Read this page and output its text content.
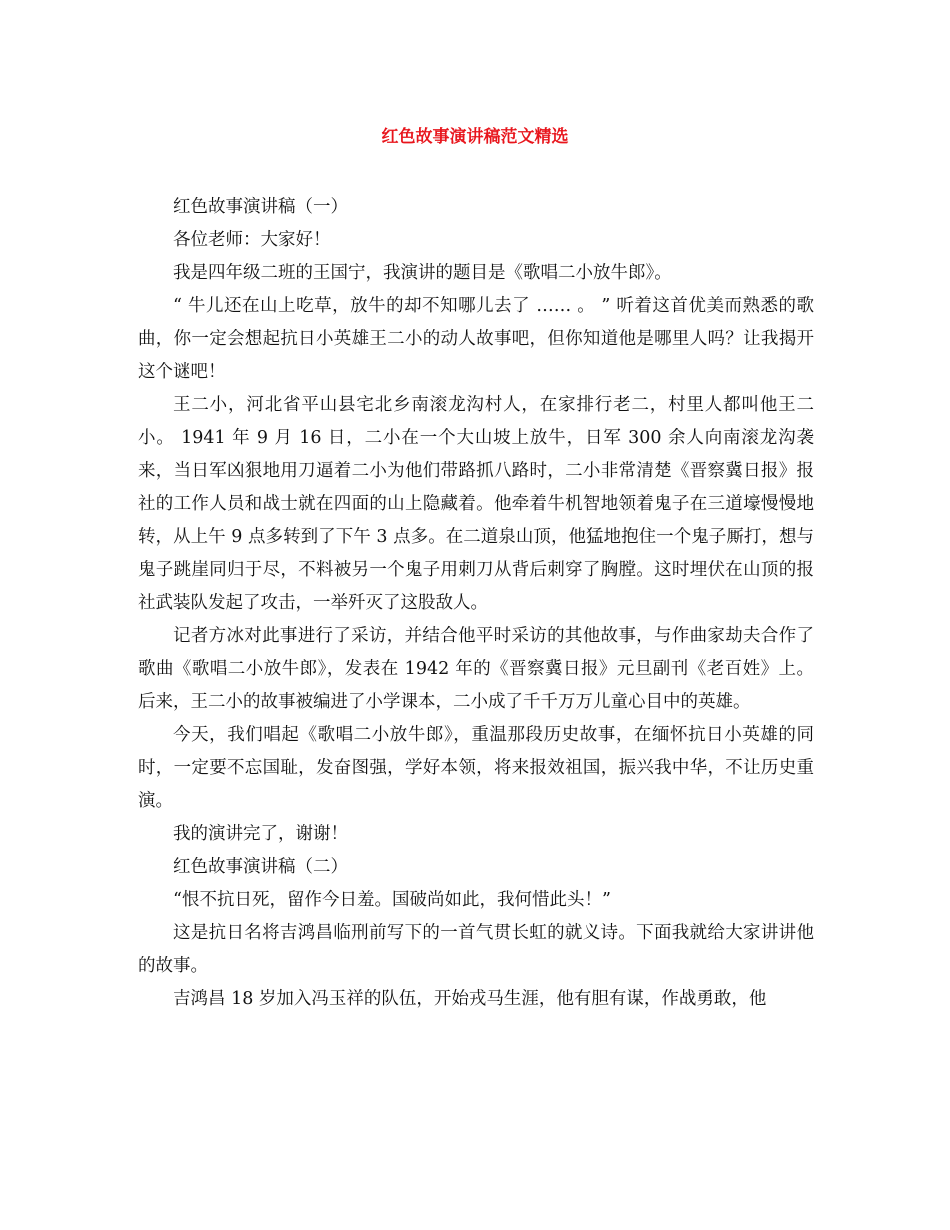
红色故事演讲稿范文精选

红色故事演讲稿（一）

各位老师：大家好！

我是四年级二班的王国宁，我演讲的题目是《歌唱二小放牛郎》。

“ 牛儿还在山上吃草，放牛的却不知哪儿去了 …… 。 ” 听着这首优美而熟悉的歌曲，你一定会想起抗日小英雄王二小的动人故事吧，但你知道他是哪里人吗？让我揭开这个谜吧！

王二小，河北省平山县宅北乡南滚龙沟村人，在家排行老二，村里人都叫他王二小。 1941 年 9 月 16 日，二小在一个大山坡上放牛，日军 300 余人向南滚龙沟袭来，当日军凶狠地用刀逼着二小为他们带路抓八路时，二小非常清楚《晋察冀日报》报社的工作人员和战士就在四面的山上隐藏着。他牵着牛机智地领着鬼子在三道壕慢慢地转，从上午 9 点多转到了下午 3 点多。在二道泉山顶，他猛地抱住一个鬼子厮打，想与鬼子跳崖同归于尽，不料被另一个鬼子用刺刀从背后刺穿了胸膛。这时埋伏在山顶的报社武装队发起了攻击，一举歼灭了这股敌人。

记者方冰对此事进行了采访，并结合他平时采访的其他故事，与作曲家劫夫合作了歌曲《歌唱二小放牛郎》，发表在 1942 年的《晋察冀日报》元旦副刊《老百姓》上。后来，王二小的故事被编进了小学课本，二小成了千千万万儿童心目中的英雄。

今天，我们唱起《歌唱二小放牛郎》，重温那段历史故事，在缅怀抗日小英雄的同时，一定要不忘国耻，发奋图强，学好本领，将来报效祖国，振兴我中华，不让历史重演。

我的演讲完了，谢谢！

红色故事演讲稿（二）

“恨不抗日死，留作今日羞。国破尚如此，我何惜此头！”

这是抗日名将吉鸿昌临刑前写下的一首气贯长虹的就义诗。下面我就给大家讲讲他的故事。

吉鸿昌 18 岁加入冯玉祥的队伍，开始戎马生涯，他有胆有谋，作战勇敢，他
